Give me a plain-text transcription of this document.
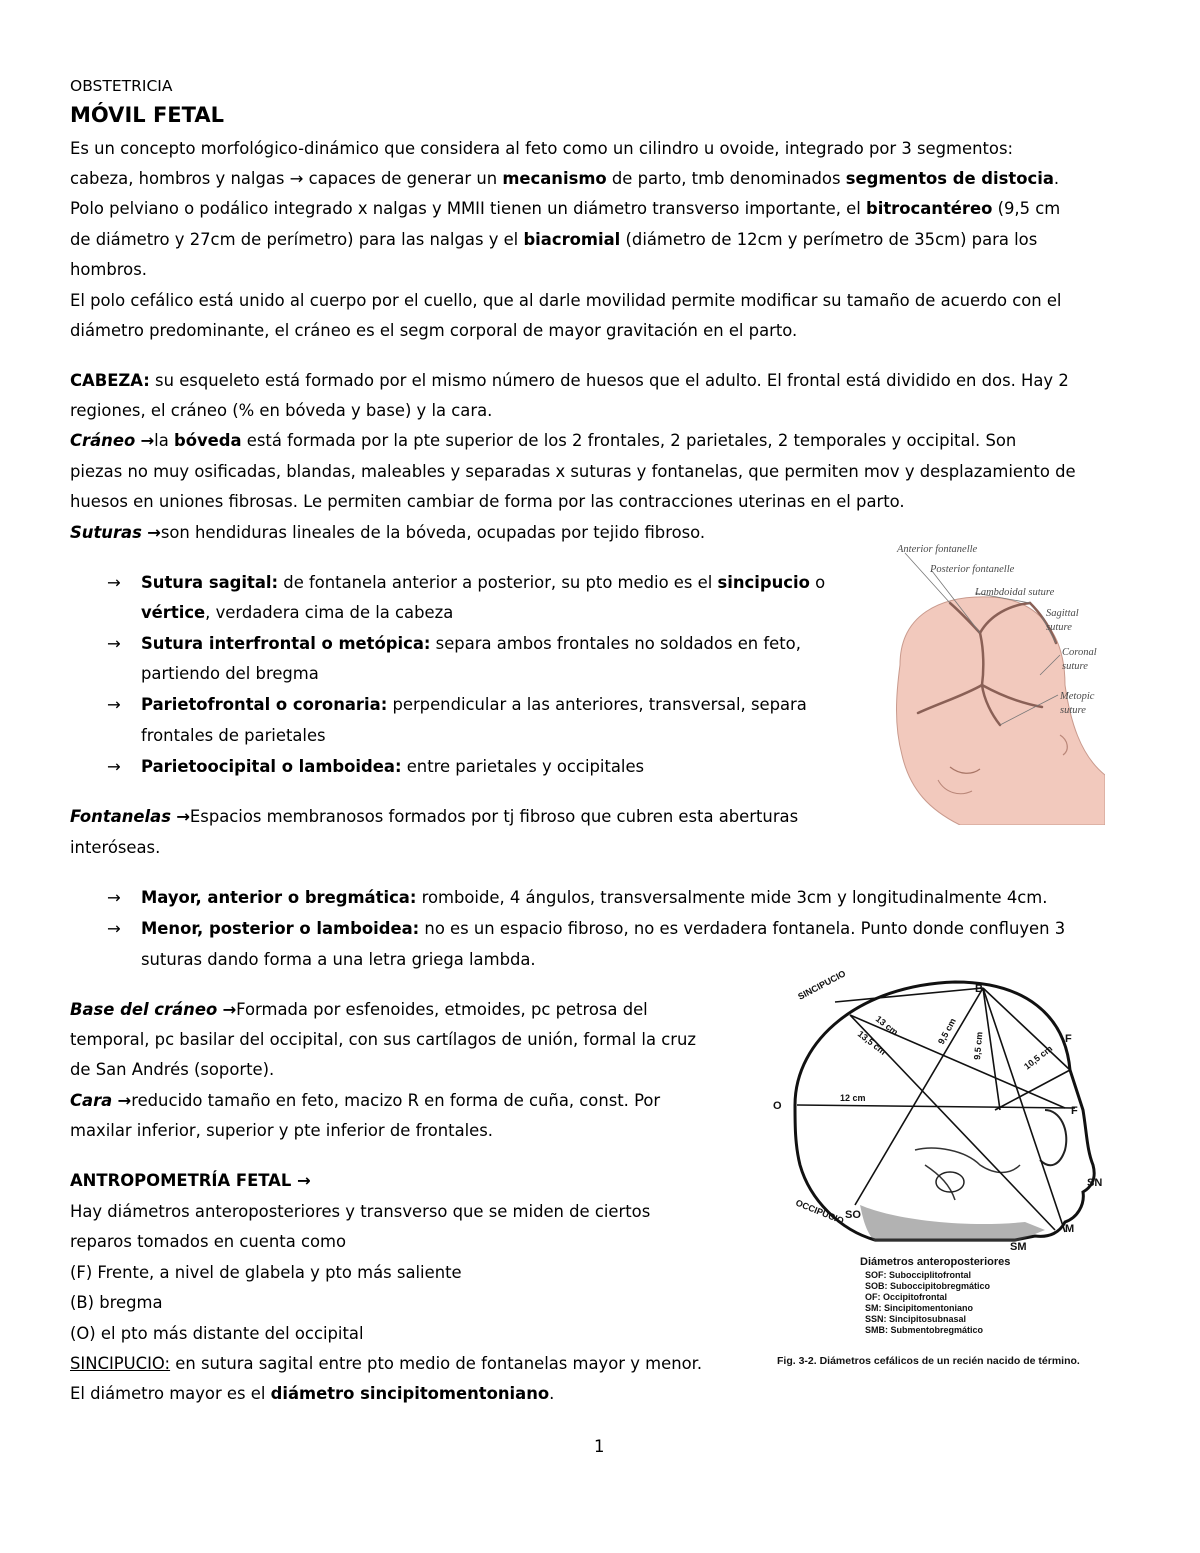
OBSTETRICIA
MÓVIL FETAL
Es un concepto morfológico-dinámico que considera al feto como un cilindro u ovoide, integrado por 3 segmentos:
cabeza, hombros y nalgas → capaces de generar un mecanismo de parto, tmb denominados segmentos de distocia.
Polo pelviano o podálico integrado x nalgas y MMII tienen un diámetro transverso importante, el bitrocantéreo (9,5 cm
de diámetro y 27cm de perímetro) para las nalgas y el biacromial (diámetro de 12cm y perímetro de 35cm) para los
hombros.
El polo cefálico está unido al cuerpo por el cuello, que al darle movilidad permite modificar su tamaño de acuerdo con el
diámetro predominante, el cráneo es el segm corporal de mayor gravitación en el parto.
CABEZA: su esqueleto está formado por el mismo número de huesos que el adulto. El frontal está dividido en dos. Hay 2
regiones, el cráneo (% en bóveda y base) y la cara.
Cráneo →la bóveda está formada por la pte superior de los 2 frontales, 2 parietales, 2 temporales y occipital. Son
piezas no muy osificadas, blandas, maleables y separadas x suturas y fontanelas, que permiten mov y desplazamiento de
huesos en uniones fibrosas. Le permiten cambiar de forma por las contracciones uterinas en el parto.
Suturas →son hendiduras lineales de la bóveda, ocupadas por tejido fibroso.
→ Sutura sagital: de fontanela anterior a posterior, su pto medio es el sincipucio o
vértice, verdadera cima de la cabeza
→ Sutura interfrontal o metópica: separa ambos frontales no soldados en feto,
partiendo del bregma
→ Parietofrontal o coronaria: perpendicular a las anteriores, transversal, separa
frontales de parietales
→ Parietoocipital o lamboidea: entre parietales y occipitales
Fontanelas →Espacios membranosos formados por tj fibroso que cubren esta aberturas
interóseas.
→ Mayor, anterior o bregmática: romboide, 4 ángulos, transversalmente mide 3cm y longitudinalmente 4cm.
→ Menor, posterior o lamboidea: no es un espacio fibroso, no es verdadera fontanela. Punto donde confluyen 3
suturas dando forma a una letra griega lambda.
Base del cráneo →Formada por esfenoides, etmoides, pc petrosa del
temporal, pc basilar del occipital, con sus cartílagos de unión, formal la cruz
de San Andrés (soporte).
Cara →reducido tamaño en feto, macizo R en forma de cuña, const. Por
maxilar inferior, superior y pte inferior de frontales.
ANTROPOMETRÍA FETAL →
Hay diámetros anteroposteriores y transverso que se miden de ciertos
reparos tomados en cuenta como
(F) Frente, a nivel de glabela y pto más saliente
(B) bregma
(O) el pto más distante del occipital
SINCIPUCIO: en sutura sagital entre pto medio de fontanelas mayor y menor.
El diámetro mayor es el diámetro sincipitomentoniano.
1
Anterior fontanelle
Posterior fontanelle
Lambdoidal suture
Sagittal
suture
Coronal
suture
Metopic
suture
SINCIPUCIO
OCCIPUCIO
B
F
O	F
SN
SO
M
SM
13 cm
13,5 cm	9,5 cm 9,5 cm	10,5 cm
12 cm
Diámetros anteroposteriores
SOF: Subocciplitofrontal
SOB: Suboccipitobregmático
OF: Occipitofrontal
SM: Sincipitomentoniano
SSN: Sincipitosubnasal
SMB: Submentobregmático
Fig. 3-2. Diámetros cefálicos de un recién nacido de término.
